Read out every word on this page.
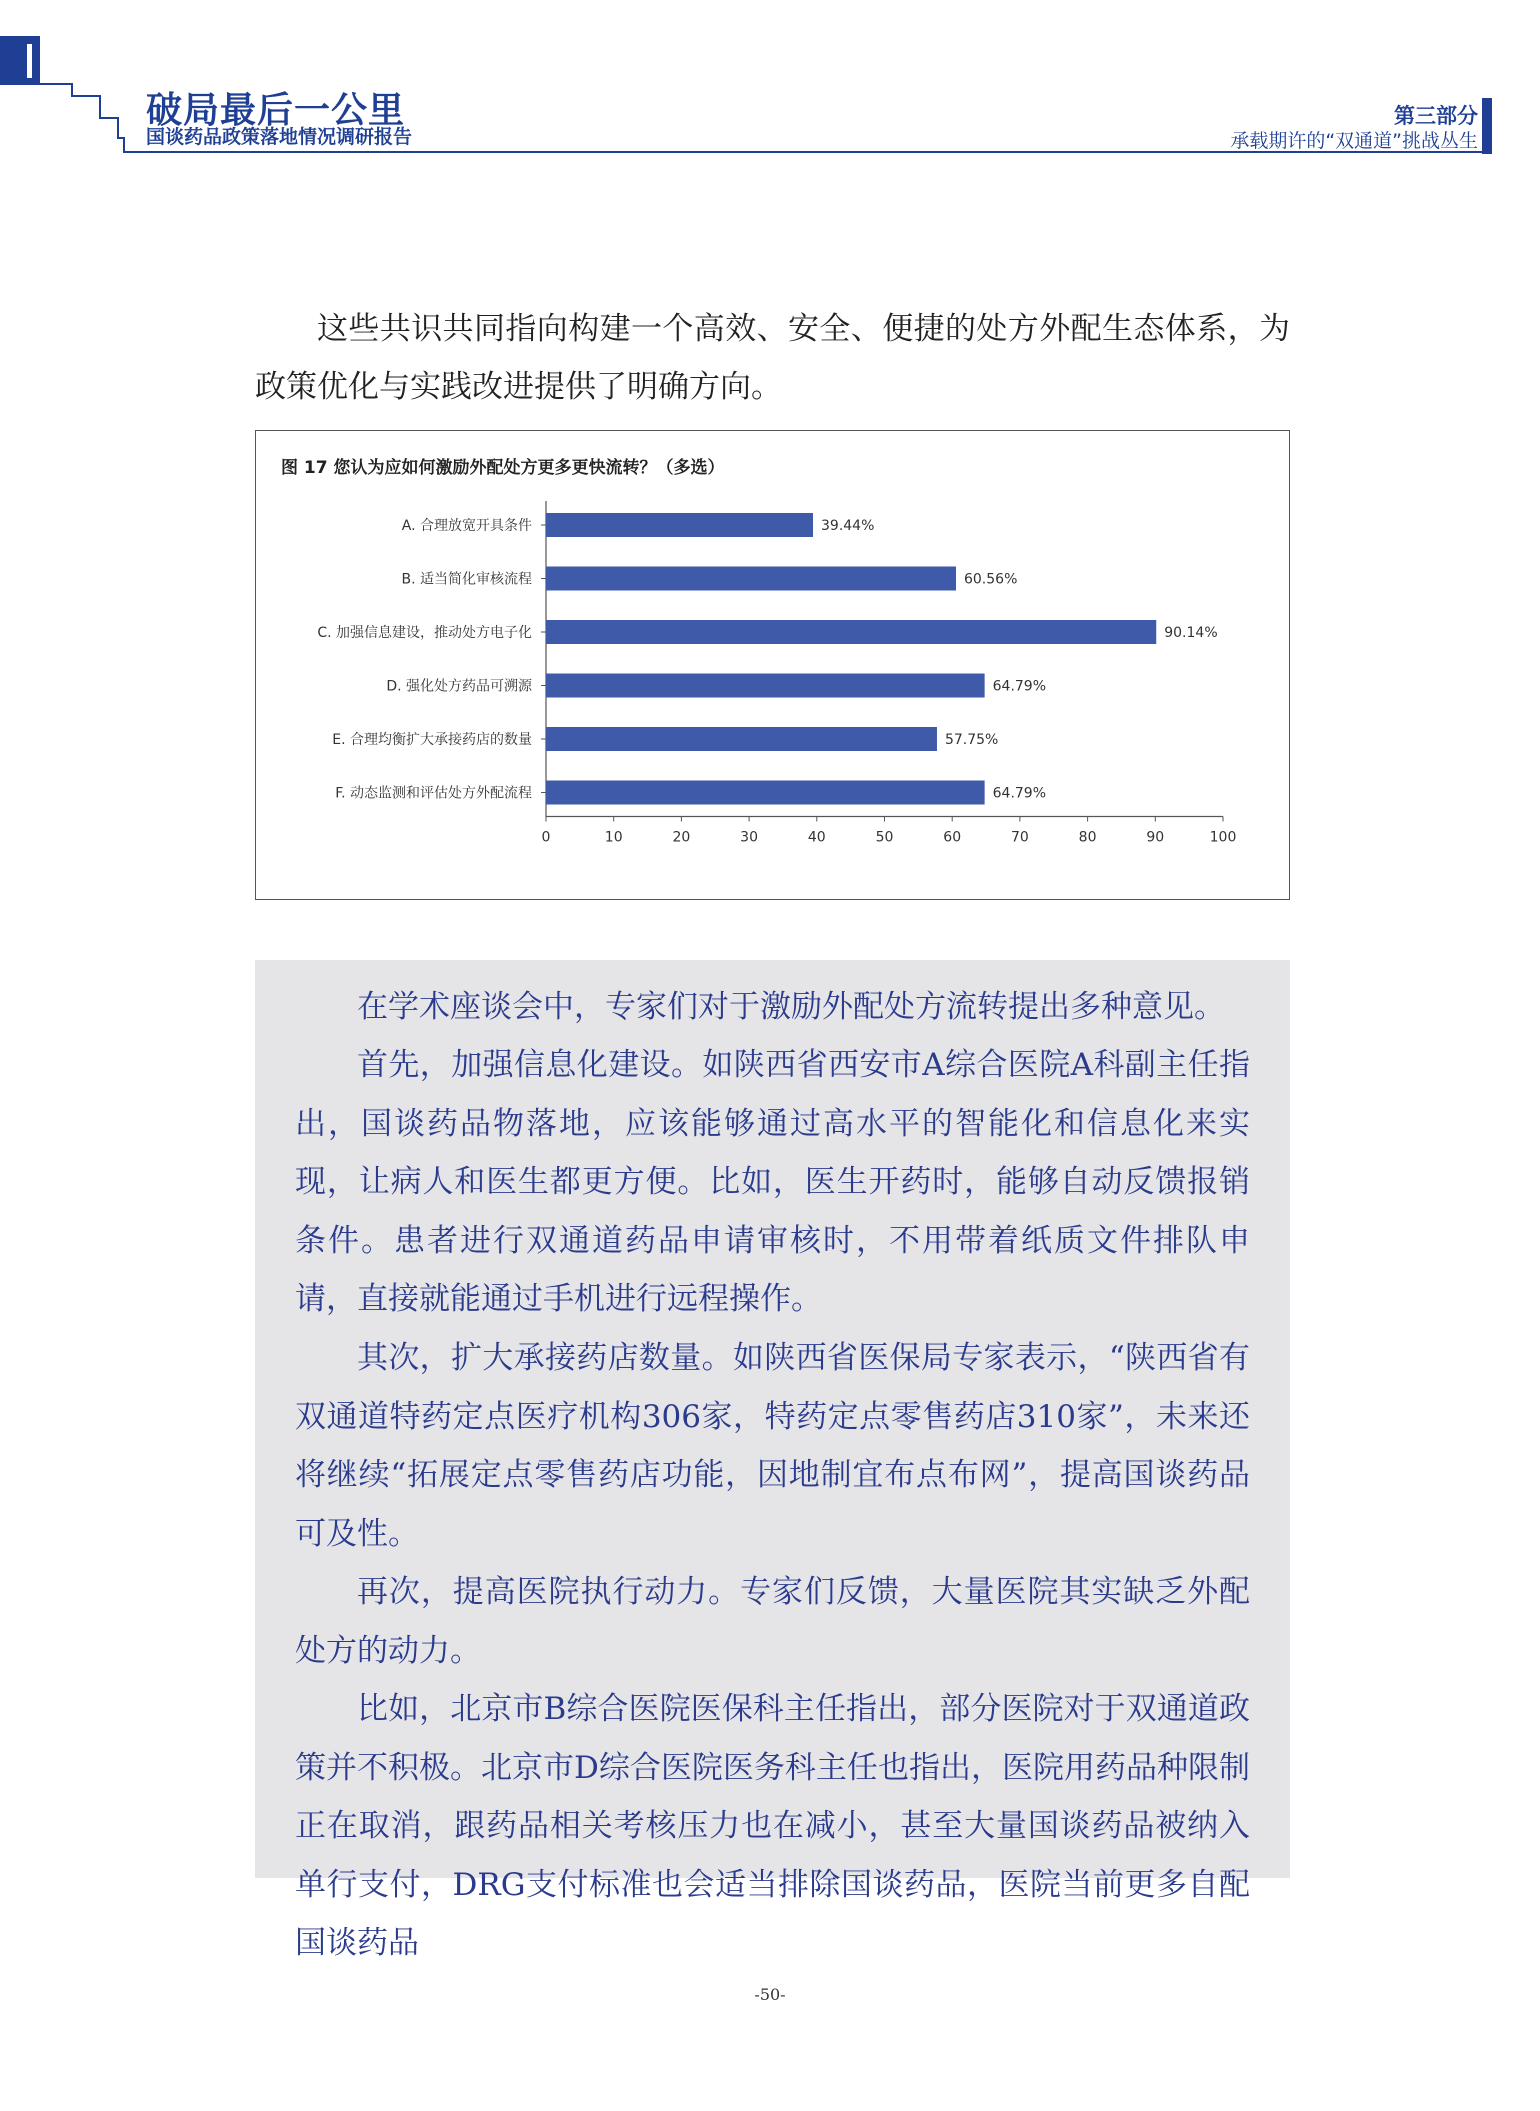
破局最后一公里
国谈药品政策落地情况调研报告
第三部分
承载期许的“双通道”挑战丛生

这些共识共同指向构建一个高效、安全、便捷的处方外配生态体系，为政策优化与实践改进提供了明确方向。

图 17 您认为应如何激励外配处方更多更快流转？（多选）
0	10	20	30	40	50	60	70	80	90	100
A. 合理放宽开具条件	39.44%
B. 适当简化审核流程	60.56%
C. 加强信息建设，推动处方电子化	90.14%
D. 强化处方药品可溯源	64.79%
E. 合理均衡扩大承接药店的数量	57.75%
F. 动态监测和评估处方外配流程	64.79%

在学术座谈会中，专家们对于激励外配处方流转提出多种意见。

首先，加强信息化建设。如陕西省西安市A综合医院A科副主任指出，国谈药品物落地，应该能够通过高水平的智能化和信息化来实现，让病人和医生都更方便。比如，医生开药时，能够自动反馈报销条件。患者进行双通道药品申请审核时，不用带着纸质文件排队申请，直接就能通过手机进行远程操作。

其次，扩大承接药店数量。如陕西省医保局专家表示，“陕西省有双通道特药定点医疗机构306家，特药定点零售药店310家”，未来还将继续“拓展定点零售药店功能，因地制宜布点布网”，提高国谈药品可及性。

再次，提高医院执行动力。专家们反馈，大量医院其实缺乏外配处方的动力。

比如，北京市B综合医院医保科主任指出，部分医院对于双通道政策并不积极。北京市D综合医院医务科主任也指出，医院用药品种限制正在取消，跟药品相关考核压力也在减小，甚至大量国谈药品被纳入单行支付，DRG支付标准也会适当排除国谈药品，医院当前更多自配国谈药品

-50-
